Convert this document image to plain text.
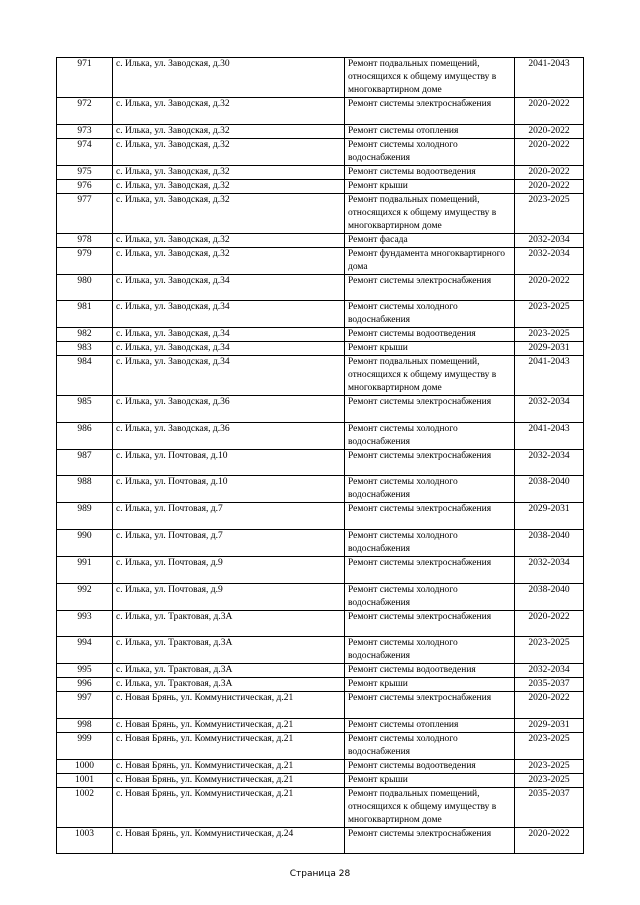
971	с. Илька, ул. Заводская, д.30	Ремонт подвальных помещений, относящихся к общему имуществу в многоквартирном доме	2041-2043
972	с. Илька, ул. Заводская, д.32	Ремонт системы электроснабжения	2020-2022
973	с. Илька, ул. Заводская, д.32	Ремонт системы отопления	2020-2022
974	с. Илька, ул. Заводская, д.32	Ремонт системы холодного водоснабжения	2020-2022
975	с. Илька, ул. Заводская, д.32	Ремонт системы водоотведения	2020-2022
976	с. Илька, ул. Заводская, д.32	Ремонт крыши	2020-2022
977	с. Илька, ул. Заводская, д.32	Ремонт подвальных помещений, относящихся к общему имуществу в многоквартирном доме	2023-2025
978	с. Илька, ул. Заводская, д.32	Ремонт фасада	2032-2034
979	с. Илька, ул. Заводская, д.32	Ремонт фундамента многоквартирного дома	2032-2034
980	с. Илька, ул. Заводская, д.34	Ремонт системы электроснабжения	2020-2022
981	с. Илька, ул. Заводская, д.34	Ремонт системы холодного водоснабжения	2023-2025
982	с. Илька, ул. Заводская, д.34	Ремонт системы водоотведения	2023-2025
983	с. Илька, ул. Заводская, д.34	Ремонт крыши	2029-2031
984	с. Илька, ул. Заводская, д.34	Ремонт подвальных помещений, относящихся к общему имуществу в многоквартирном доме	2041-2043
985	с. Илька, ул. Заводская, д.36	Ремонт системы электроснабжения	2032-2034
986	с. Илька, ул. Заводская, д.36	Ремонт системы холодного водоснабжения	2041-2043
987	с. Илька, ул. Почтовая, д.10	Ремонт системы электроснабжения	2032-2034
988	с. Илька, ул. Почтовая, д.10	Ремонт системы холодного водоснабжения	2038-2040
989	с. Илька, ул. Почтовая, д.7	Ремонт системы электроснабжения	2029-2031
990	с. Илька, ул. Почтовая, д.7	Ремонт системы холодного водоснабжения	2038-2040
991	с. Илька, ул. Почтовая, д.9	Ремонт системы электроснабжения	2032-2034
992	с. Илька, ул. Почтовая, д.9	Ремонт системы холодного водоснабжения	2038-2040
993	с. Илька, ул. Трактовая, д.3А	Ремонт системы электроснабжения	2020-2022
994	с. Илька, ул. Трактовая, д.3А	Ремонт системы холодного водоснабжения	2023-2025
995	с. Илька, ул. Трактовая, д.3А	Ремонт системы водоотведения	2032-2034
996	с. Илька, ул. Трактовая, д.3А	Ремонт крыши	2035-2037
997	с. Новая Брянь, ул. Коммунистическая, д.21	Ремонт системы электроснабжения	2020-2022
998	с. Новая Брянь, ул. Коммунистическая, д.21	Ремонт системы отопления	2029-2031
999	с. Новая Брянь, ул. Коммунистическая, д.21	Ремонт системы холодного водоснабжения	2023-2025
1000	с. Новая Брянь, ул. Коммунистическая, д.21	Ремонт системы водоотведения	2023-2025
1001	с. Новая Брянь, ул. Коммунистическая, д.21	Ремонт крыши	2023-2025
1002	с. Новая Брянь, ул. Коммунистическая, д.21	Ремонт подвальных помещений, относящихся к общему имуществу в многоквартирном доме	2035-2037
1003	с. Новая Брянь, ул. Коммунистическая, д.24	Ремонт системы электроснабжения	2020-2022
Страница 28
